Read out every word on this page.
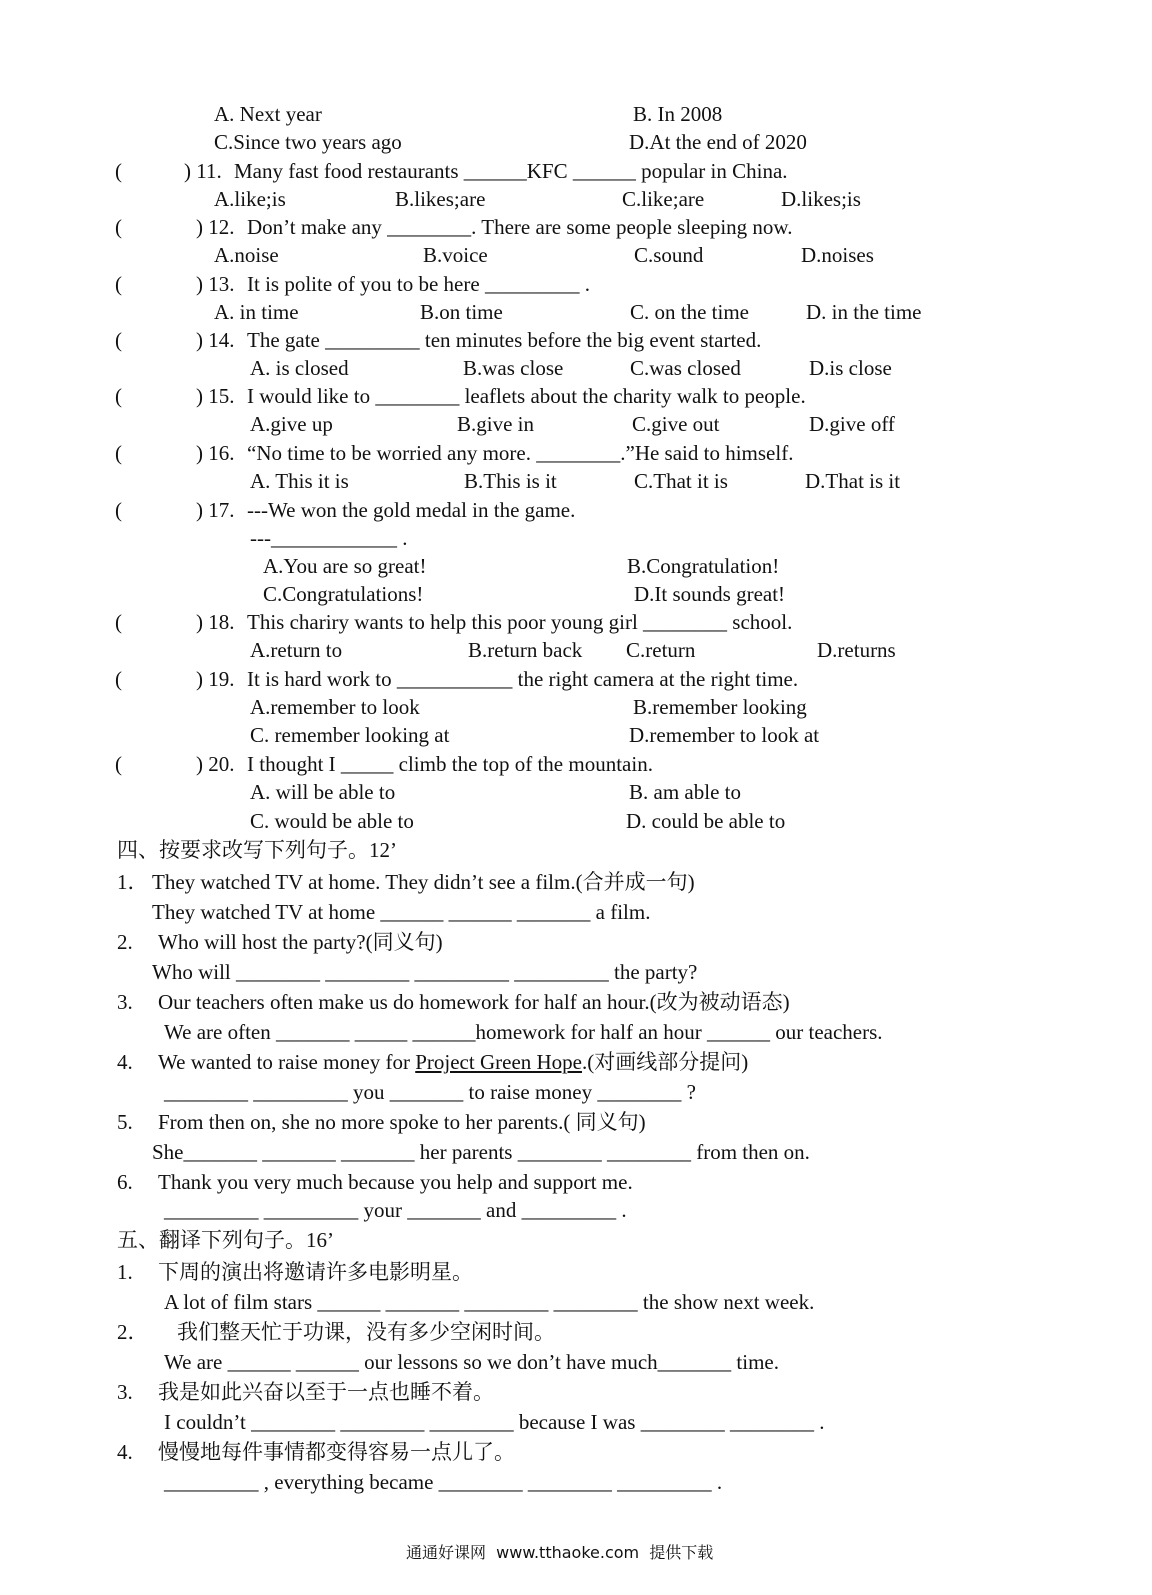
A. Next year	B. In 2008
C.Since two years ago	D.At the end of 2020
(	) 11. Many fast food restaurants ______KFC ______ popular in China.
A.like;is	B.likes;are	C.like;are	D.likes;is
(	) 12. Don’t make any ________. There are some people sleeping now.
A.noise	B.voice	C.sound	D.noises
(	) 13. It is polite of you to be here _________ .
A. in time	B.on time	C. on the time	D. in the time
(	) 14. The gate _________ ten minutes before the big event started.
A. is closed	B.was close	C.was closed	D.is close
(	) 15. I would like to ________ leaflets about the charity walk to people.
A.give up	B.give in	C.give out	D.give off
(	) 16. “No time to be worried any more. ________.”He said to himself.
A. This it is	B.This is it	C.That it is	D.That is it
(	) 17. ---We won the gold medal in the game.
---____________ .
A.You are so great!	B.Congratulation!
C.Congratulations!	D.It sounds great!
(	) 18. This chariry wants to help this poor young girl ________ school.
A.return to	B.return back C.return	D.returns
(	) 19. It is hard work to ___________ the right camera at the right time.
A.remember to look	B.remember looking
C. remember looking at	D.remember to look at
(	) 20. I thought I _____ climb the top of the mountain.
A. will be able to	B. am able to
C. would be able to	D. could be able to
四、按要求改写下列句子。12’
1． They watched TV at home. They didn’t see a film.(合并成一句)
They watched TV at home ______ ______ _______ a film.
2. Who will host the party?(同义句)
Who will ________ ________ _________ _________ the party?
3. Our teachers often make us do homework for half an hour.(改为被动语态)
We are often _______ _____ ______homework for half an hour ______ our teachers.
4. We wanted to raise money for Project Green Hope.(对画线部分提问)
________ _________ you _______ to raise money ________ ?
5. From then on, she no more spoke to her parents.( 同义句)
She_______ _______ _______ her parents ________ ________ from then on.
6. Thank you very much because you help and support me.
_________ _________ your _______ and _________ .
五、翻译下列句子。16’
1. 下周的演出将邀请许多电影明星。
A lot of film stars ______ _______ ________ ________ the show next week.
2． 我们整天忙于功课，没有多少空闲时间。
We are ______ ______ our lessons so we don’t have much_______ time.
3. 我是如此兴奋以至于一点也睡不着。
I couldn’t ________ ________ ________ because I was ________ ________ .
4. 慢慢地每件事情都变得容易一点儿了。
_________ , everything became ________ ________ _________ .
通通好课网  www.tthaoke.com  提供下载
